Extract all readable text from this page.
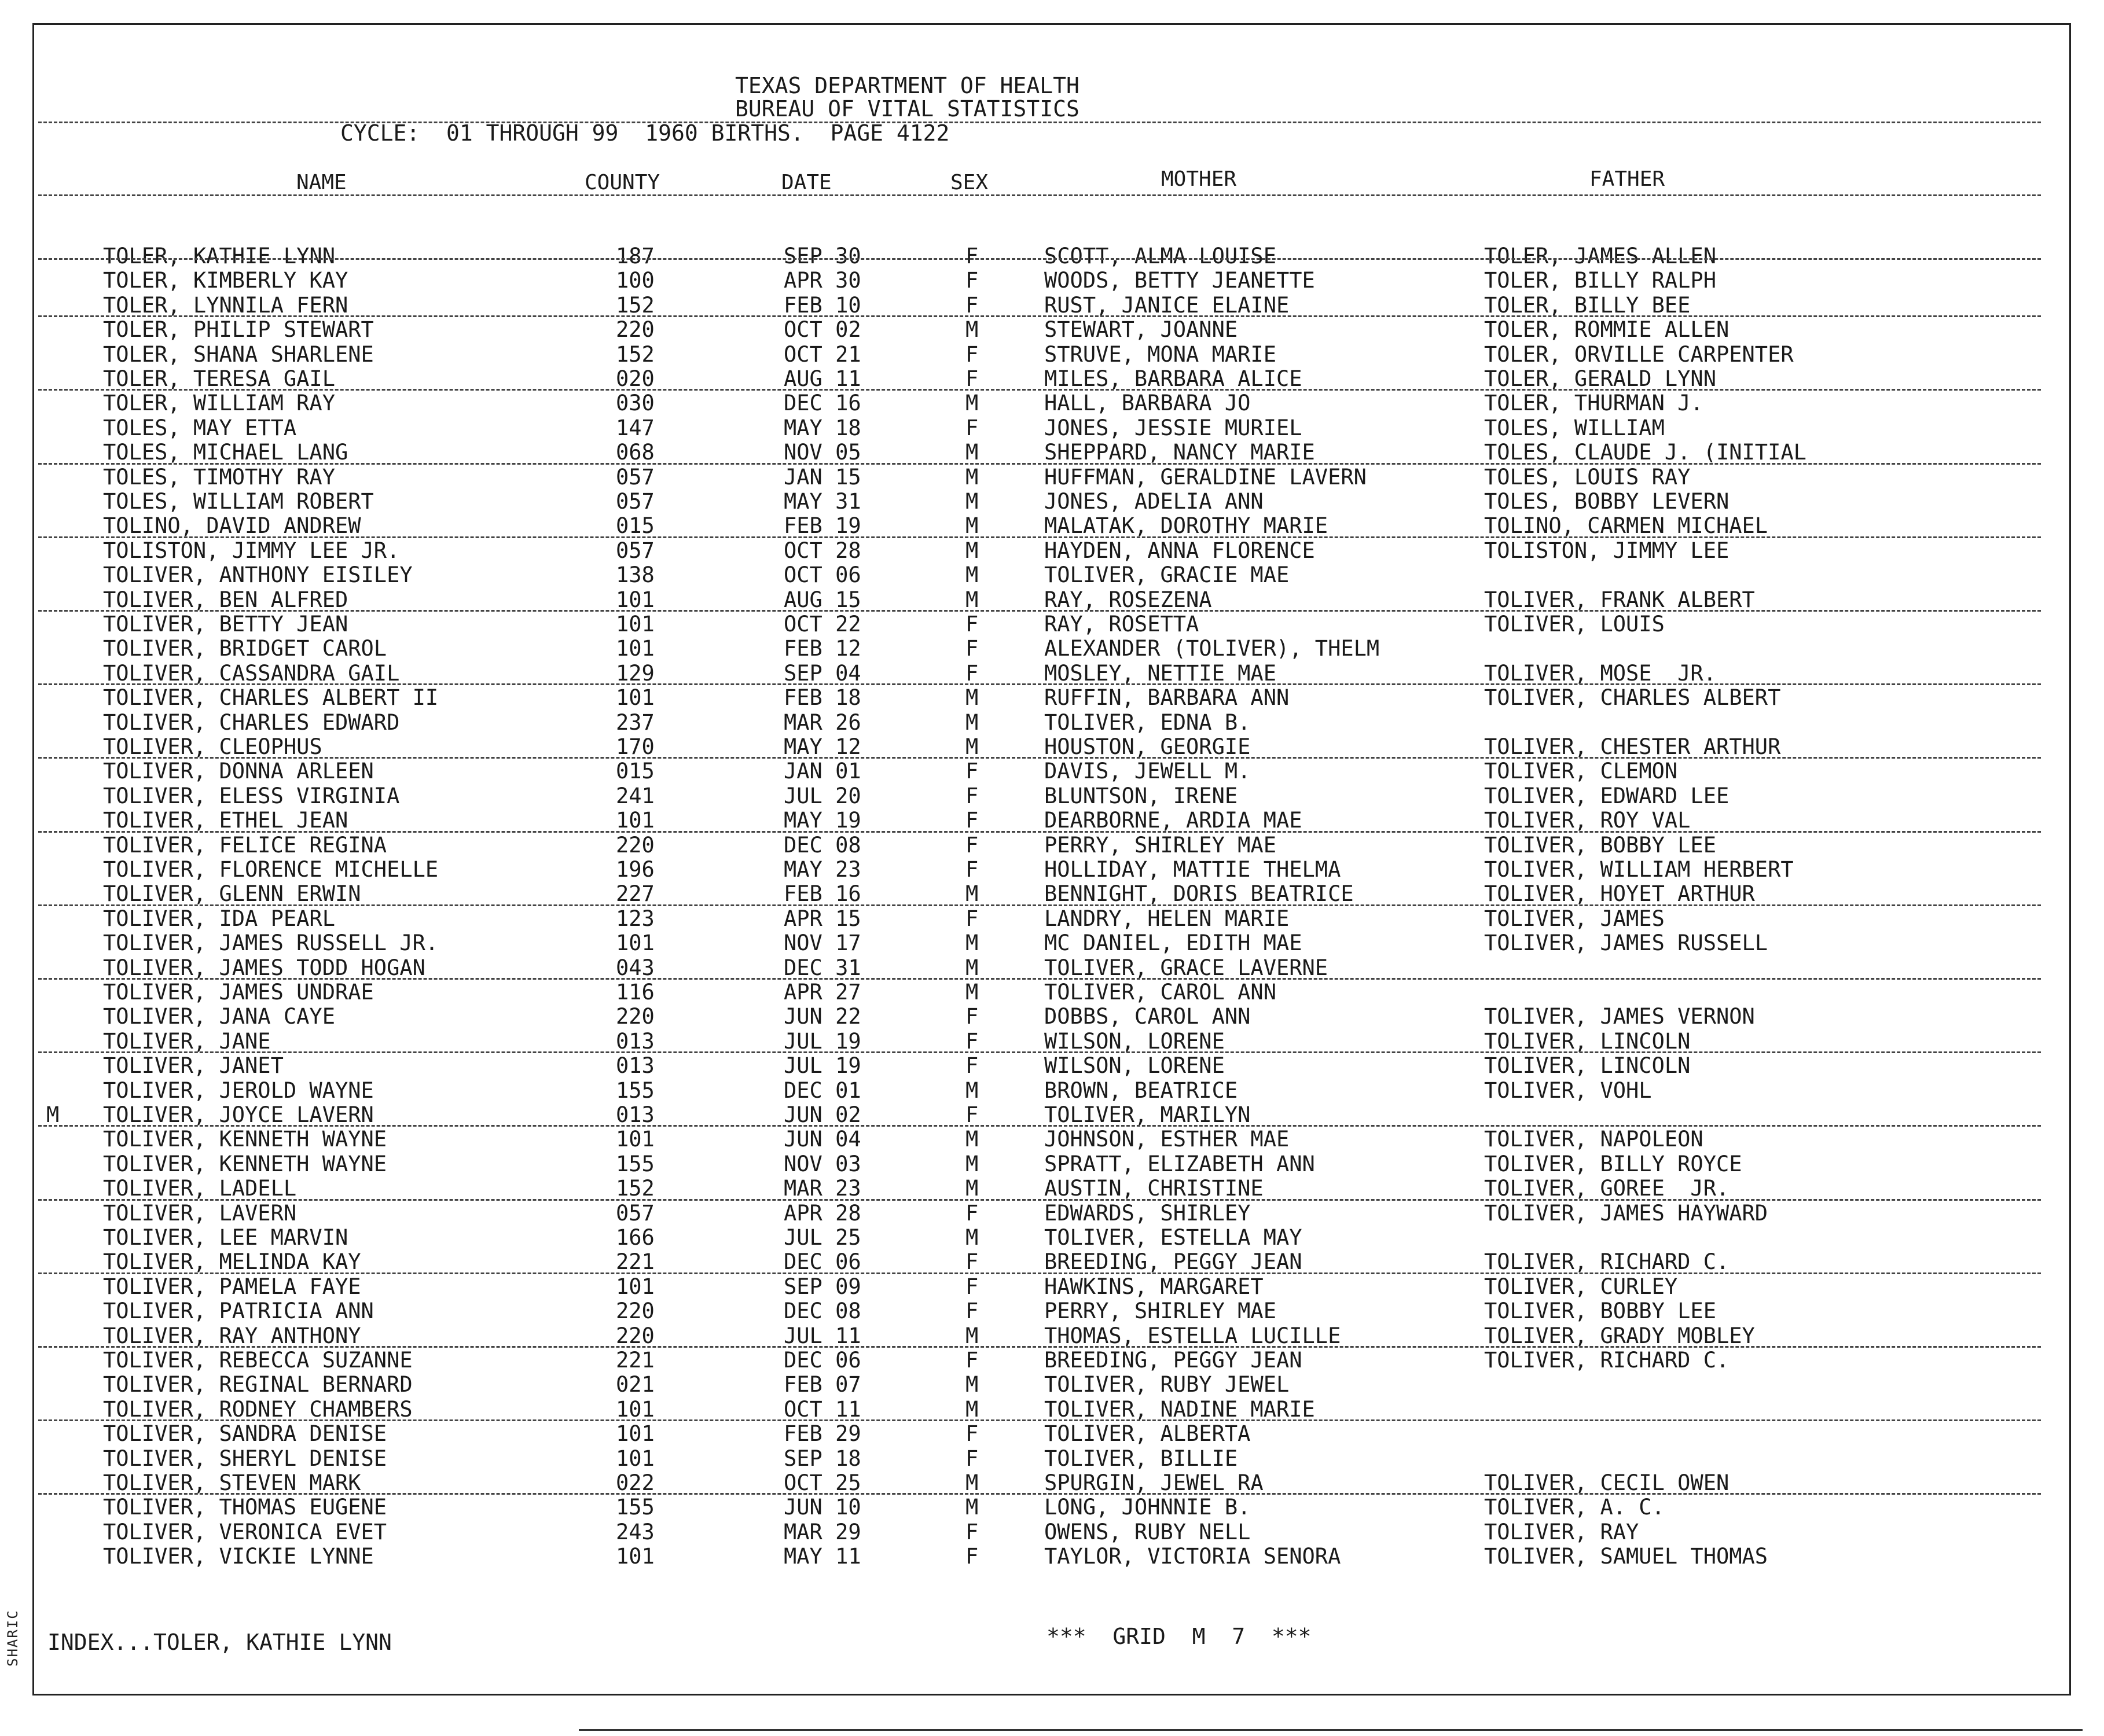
SHARIC
TEXAS DEPARTMENT OF HEALTH
BUREAU OF VITAL STATISTICS
CYCLE:  01 THROUGH 99  1960 BIRTHS.  PAGE 4122
NAME	COUNTY	DATE	SEX	MOTHER	FATHER
TOLER, KATHIE LYNN	187	SEP 30	F	SCOTT, ALMA LOUISE	TOLER, JAMES ALLEN
TOLER, KIMBERLY KAY	100	APR 30	F	WOODS, BETTY JEANETTE	TOLER, BILLY RALPH
TOLER, LYNNILA FERN	152	FEB 10	F	RUST, JANICE ELAINE	TOLER, BILLY BEE
TOLER, PHILIP STEWART	220	OCT 02	M	STEWART, JOANNE	TOLER, ROMMIE ALLEN
TOLER, SHANA SHARLENE	152	OCT 21	F	STRUVE, MONA MARIE	TOLER, ORVILLE CARPENTER
TOLER, TERESA GAIL	020	AUG 11	F	MILES, BARBARA ALICE	TOLER, GERALD LYNN
TOLER, WILLIAM RAY	030	DEC 16	M	HALL, BARBARA JO	TOLER, THURMAN J.
TOLES, MAY ETTA	147	MAY 18	F	JONES, JESSIE MURIEL	TOLES, WILLIAM
TOLES, MICHAEL LANG	068	NOV 05	M	SHEPPARD, NANCY MARIE	TOLES, CLAUDE J. (INITIAL
TOLES, TIMOTHY RAY	057	JAN 15	M	HUFFMAN, GERALDINE LAVERN	TOLES, LOUIS RAY
TOLES, WILLIAM ROBERT	057	MAY 31	M	JONES, ADELIA ANN	TOLES, BOBBY LEVERN
TOLINO, DAVID ANDREW	015	FEB 19	M	MALATAK, DOROTHY MARIE	TOLINO, CARMEN MICHAEL
TOLISTON, JIMMY LEE JR.	057	OCT 28	M	HAYDEN, ANNA FLORENCE	TOLISTON, JIMMY LEE
TOLIVER, ANTHONY EISILEY	138	OCT 06	M	TOLIVER, GRACIE MAE
TOLIVER, BEN ALFRED	101	AUG 15	M	RAY, ROSEZENA	TOLIVER, FRANK ALBERT
TOLIVER, BETTY JEAN	101	OCT 22	F	RAY, ROSETTA	TOLIVER, LOUIS
TOLIVER, BRIDGET CAROL	101	FEB 12	F	ALEXANDER (TOLIVER), THELM
TOLIVER, CASSANDRA GAIL	129	SEP 04	F	MOSLEY, NETTIE MAE	TOLIVER, MOSE  JR.
TOLIVER, CHARLES ALBERT II	101	FEB 18	M	RUFFIN, BARBARA ANN	TOLIVER, CHARLES ALBERT
TOLIVER, CHARLES EDWARD	237	MAR 26	M	TOLIVER, EDNA B.
TOLIVER, CLEOPHUS	170	MAY 12	M	HOUSTON, GEORGIE	TOLIVER, CHESTER ARTHUR
TOLIVER, DONNA ARLEEN	015	JAN 01	F	DAVIS, JEWELL M.	TOLIVER, CLEMON
TOLIVER, ELESS VIRGINIA	241	JUL 20	F	BLUNTSON, IRENE	TOLIVER, EDWARD LEE
TOLIVER, ETHEL JEAN	101	MAY 19	F	DEARBORNE, ARDIA MAE	TOLIVER, ROY VAL
TOLIVER, FELICE REGINA	220	DEC 08	F	PERRY, SHIRLEY MAE	TOLIVER, BOBBY LEE
TOLIVER, FLORENCE MICHELLE	196	MAY 23	F	HOLLIDAY, MATTIE THELMA	TOLIVER, WILLIAM HERBERT
TOLIVER, GLENN ERWIN	227	FEB 16	M	BENNIGHT, DORIS BEATRICE	TOLIVER, HOYET ARTHUR
TOLIVER, IDA PEARL	123	APR 15	F	LANDRY, HELEN MARIE	TOLIVER, JAMES
TOLIVER, JAMES RUSSELL JR.	101	NOV 17	M	MC DANIEL, EDITH MAE	TOLIVER, JAMES RUSSELL
TOLIVER, JAMES TODD HOGAN	043	DEC 31	M	TOLIVER, GRACE LAVERNE
TOLIVER, JAMES UNDRAE	116	APR 27	M	TOLIVER, CAROL ANN
TOLIVER, JANA CAYE	220	JUN 22	F	DOBBS, CAROL ANN	TOLIVER, JAMES VERNON
TOLIVER, JANE	013	JUL 19	F	WILSON, LORENE	TOLIVER, LINCOLN
TOLIVER, JANET	013	JUL 19	F	WILSON, LORENE	TOLIVER, LINCOLN
TOLIVER, JEROLD WAYNE	155	DEC 01	M	BROWN, BEATRICE	TOLIVER, VOHL
M TOLIVER, JOYCE LAVERN	013	JUN 02	F	TOLIVER, MARILYN
TOLIVER, KENNETH WAYNE	101	JUN 04	M	JOHNSON, ESTHER MAE	TOLIVER, NAPOLEON
TOLIVER, KENNETH WAYNE	155	NOV 03	M	SPRATT, ELIZABETH ANN	TOLIVER, BILLY ROYCE
TOLIVER, LADELL	152	MAR 23	M	AUSTIN, CHRISTINE	TOLIVER, GOREE  JR.
TOLIVER, LAVERN	057	APR 28	F	EDWARDS, SHIRLEY	TOLIVER, JAMES HAYWARD
TOLIVER, LEE MARVIN	166	JUL 25	M	TOLIVER, ESTELLA MAY
TOLIVER, MELINDA KAY	221	DEC 06	F	BREEDING, PEGGY JEAN	TOLIVER, RICHARD C.
TOLIVER, PAMELA FAYE	101	SEP 09	F	HAWKINS, MARGARET	TOLIVER, CURLEY
TOLIVER, PATRICIA ANN	220	DEC 08	F	PERRY, SHIRLEY MAE	TOLIVER, BOBBY LEE
TOLIVER, RAY ANTHONY	220	JUL 11	M	THOMAS, ESTELLA LUCILLE	TOLIVER, GRADY MOBLEY
TOLIVER, REBECCA SUZANNE	221	DEC 06	F	BREEDING, PEGGY JEAN	TOLIVER, RICHARD C.
TOLIVER, REGINAL BERNARD	021	FEB 07	M	TOLIVER, RUBY JEWEL
TOLIVER, RODNEY CHAMBERS	101	OCT 11	M	TOLIVER, NADINE MARIE
TOLIVER, SANDRA DENISE	101	FEB 29	F	TOLIVER, ALBERTA
TOLIVER, SHERYL DENISE	101	SEP 18	F	TOLIVER, BILLIE
TOLIVER, STEVEN MARK	022	OCT 25	M	SPURGIN, JEWEL RA	TOLIVER, CECIL OWEN
TOLIVER, THOMAS EUGENE	155	JUN 10	M	LONG, JOHNNIE B.	TOLIVER, A. C.
TOLIVER, VERONICA EVET	243	MAR 29	F	OWENS, RUBY NELL	TOLIVER, RAY
TOLIVER, VICKIE LYNNE	101	MAY 11	F	TAYLOR, VICTORIA SENORA	TOLIVER, SAMUEL THOMAS
INDEX...TOLER, KATHIE LYNN	***  GRID  M  7  ***
